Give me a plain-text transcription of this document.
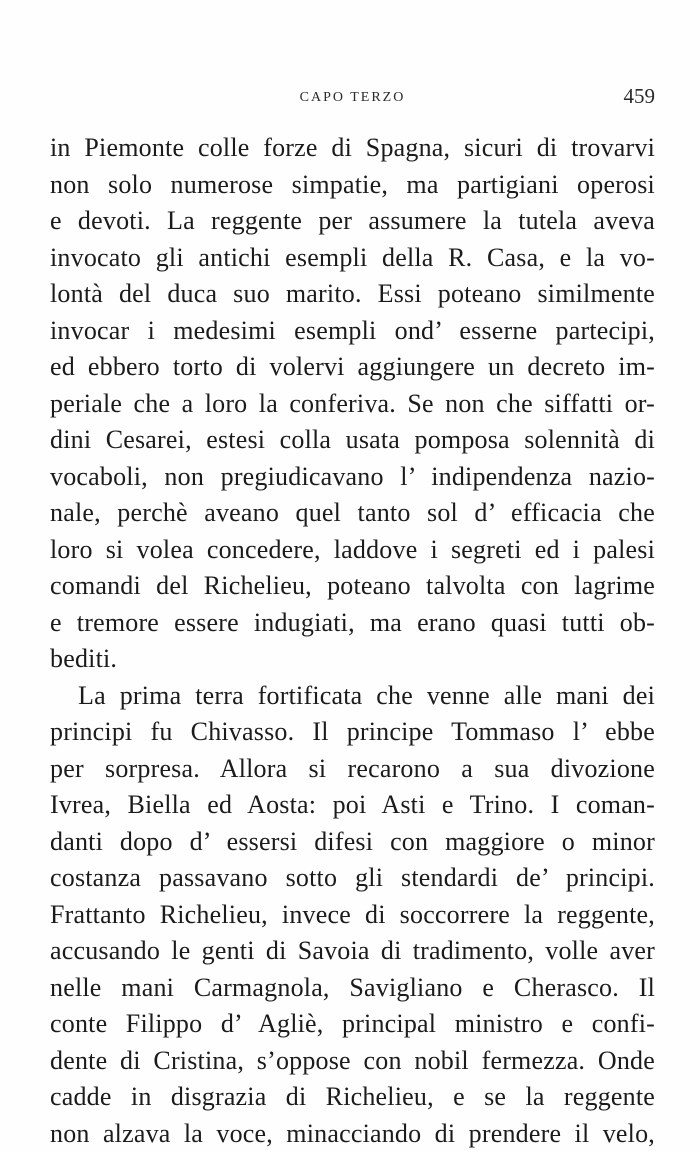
CAPO TERZO	459
in Piemonte colle forze di Spagna, sicuri di trovarvi
non solo numerose simpatie, ma partigiani operosi
e devoti. La reggente per assumere la tutela aveva
invocato gli antichi esempli della R. Casa, e la vo-
lontà del duca suo marito. Essi poteano similmente
invocar i medesimi esempli ond’ esserne partecipi,
ed ebbero torto di volervi aggiungere un decreto im-
periale che a loro la conferiva. Se non che siffatti or-
dini Cesarei, estesi colla usata pomposa solennità di
vocaboli, non pregiudicavano l’ indipendenza nazio-
nale, perchè aveano quel tanto sol d’ efficacia che
loro si volea concedere, laddove i segreti ed i palesi
comandi del Richelieu, poteano talvolta con lagrime
e tremore essere indugiati, ma erano quasi tutti ob-
bediti.
La prima terra fortificata che venne alle mani dei
principi fu Chivasso. Il principe Tommaso l’ ebbe
per sorpresa. Allora si recarono a sua divozione
Ivrea, Biella ed Aosta: poi Asti e Trino. I coman-
danti dopo d’ essersi difesi con maggiore o minor
costanza passavano sotto gli stendardi de’ principi.
Frattanto Richelieu, invece di soccorrere la reggente,
accusando le genti di Savoia di tradimento, volle aver
nelle mani Carmagnola, Savigliano e Cherasco. Il
conte Filippo d’ Agliè, principal ministro e confi-
dente di Cristina, s’oppose con nobil fermezza. Onde
cadde in disgrazia di Richelieu, e se la reggente
non alzava la voce, minacciando di prendere il velo,
